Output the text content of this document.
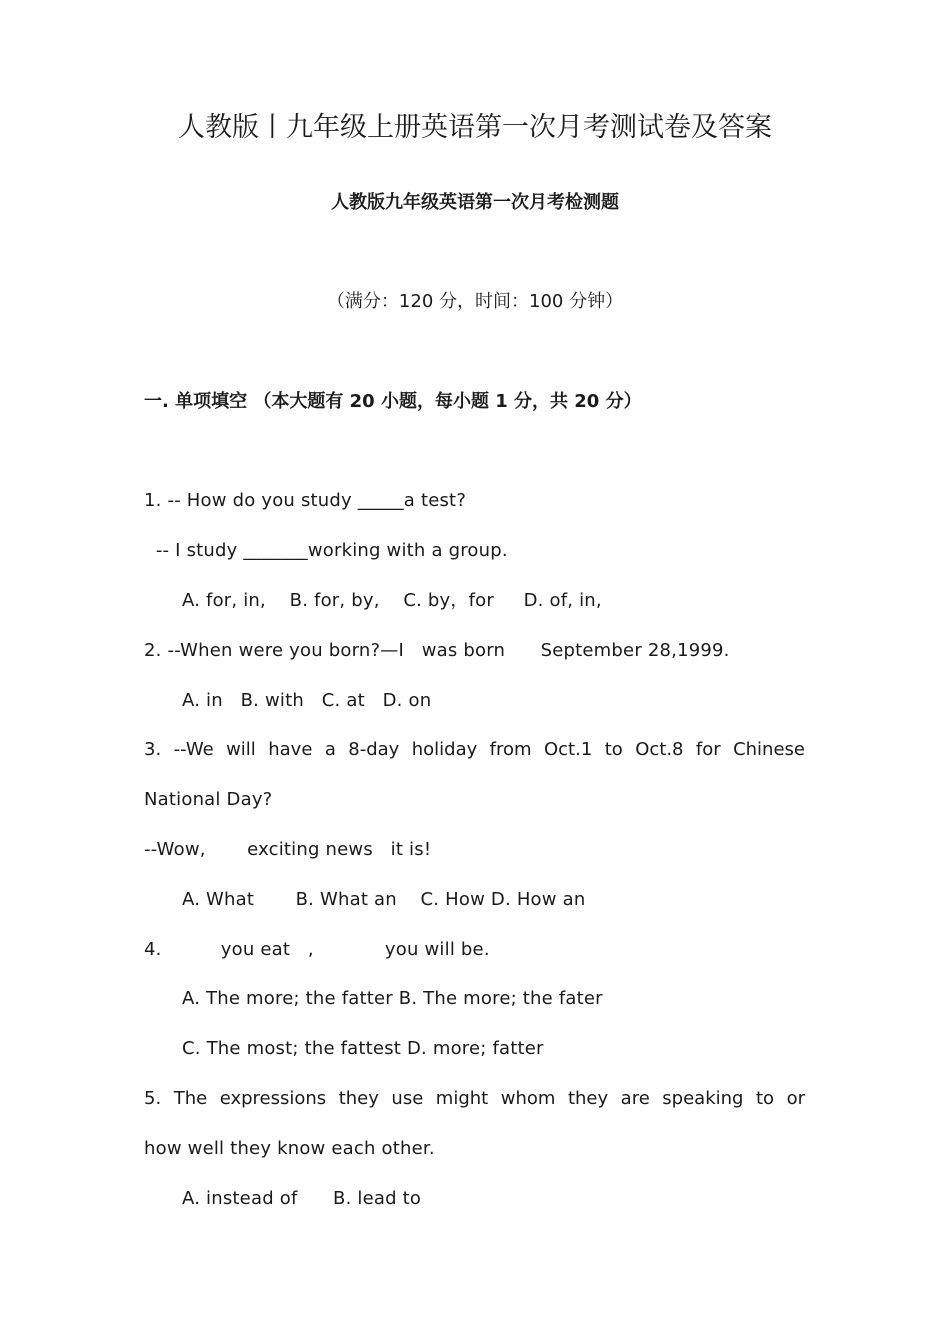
人教版丨九年级上册英语第一次月考测试卷及答案
人教版九年级英语第一次月考检测题
（满分：120 分，时间：100 分钟）
一. 单项填空 （本大题有 20 小题，每小题 1 分，共 20 分）
1. -- How do you study _____a test?
-- I study _______working with a group.
A. for, in,    B. for, by,    C. by，for     D. of, in,
2. --When were you born?—I   was born      September 28,1999.
A. in   B. with   C. at   D. on
3. --We will have a 8-day holiday from Oct.1 to Oct.8 for Chinese
National Day?
--Wow,       exciting news   it is!
A. What       B. What an    C. How D. How an
4.          you eat   ,            you will be.
A. The more; the fatter B. The more; the fater
C. The most; the fattest D. more; fatter
5. The expressions they use might whom they are speaking to or
how well they know each other.
A. instead of      B. lead to
